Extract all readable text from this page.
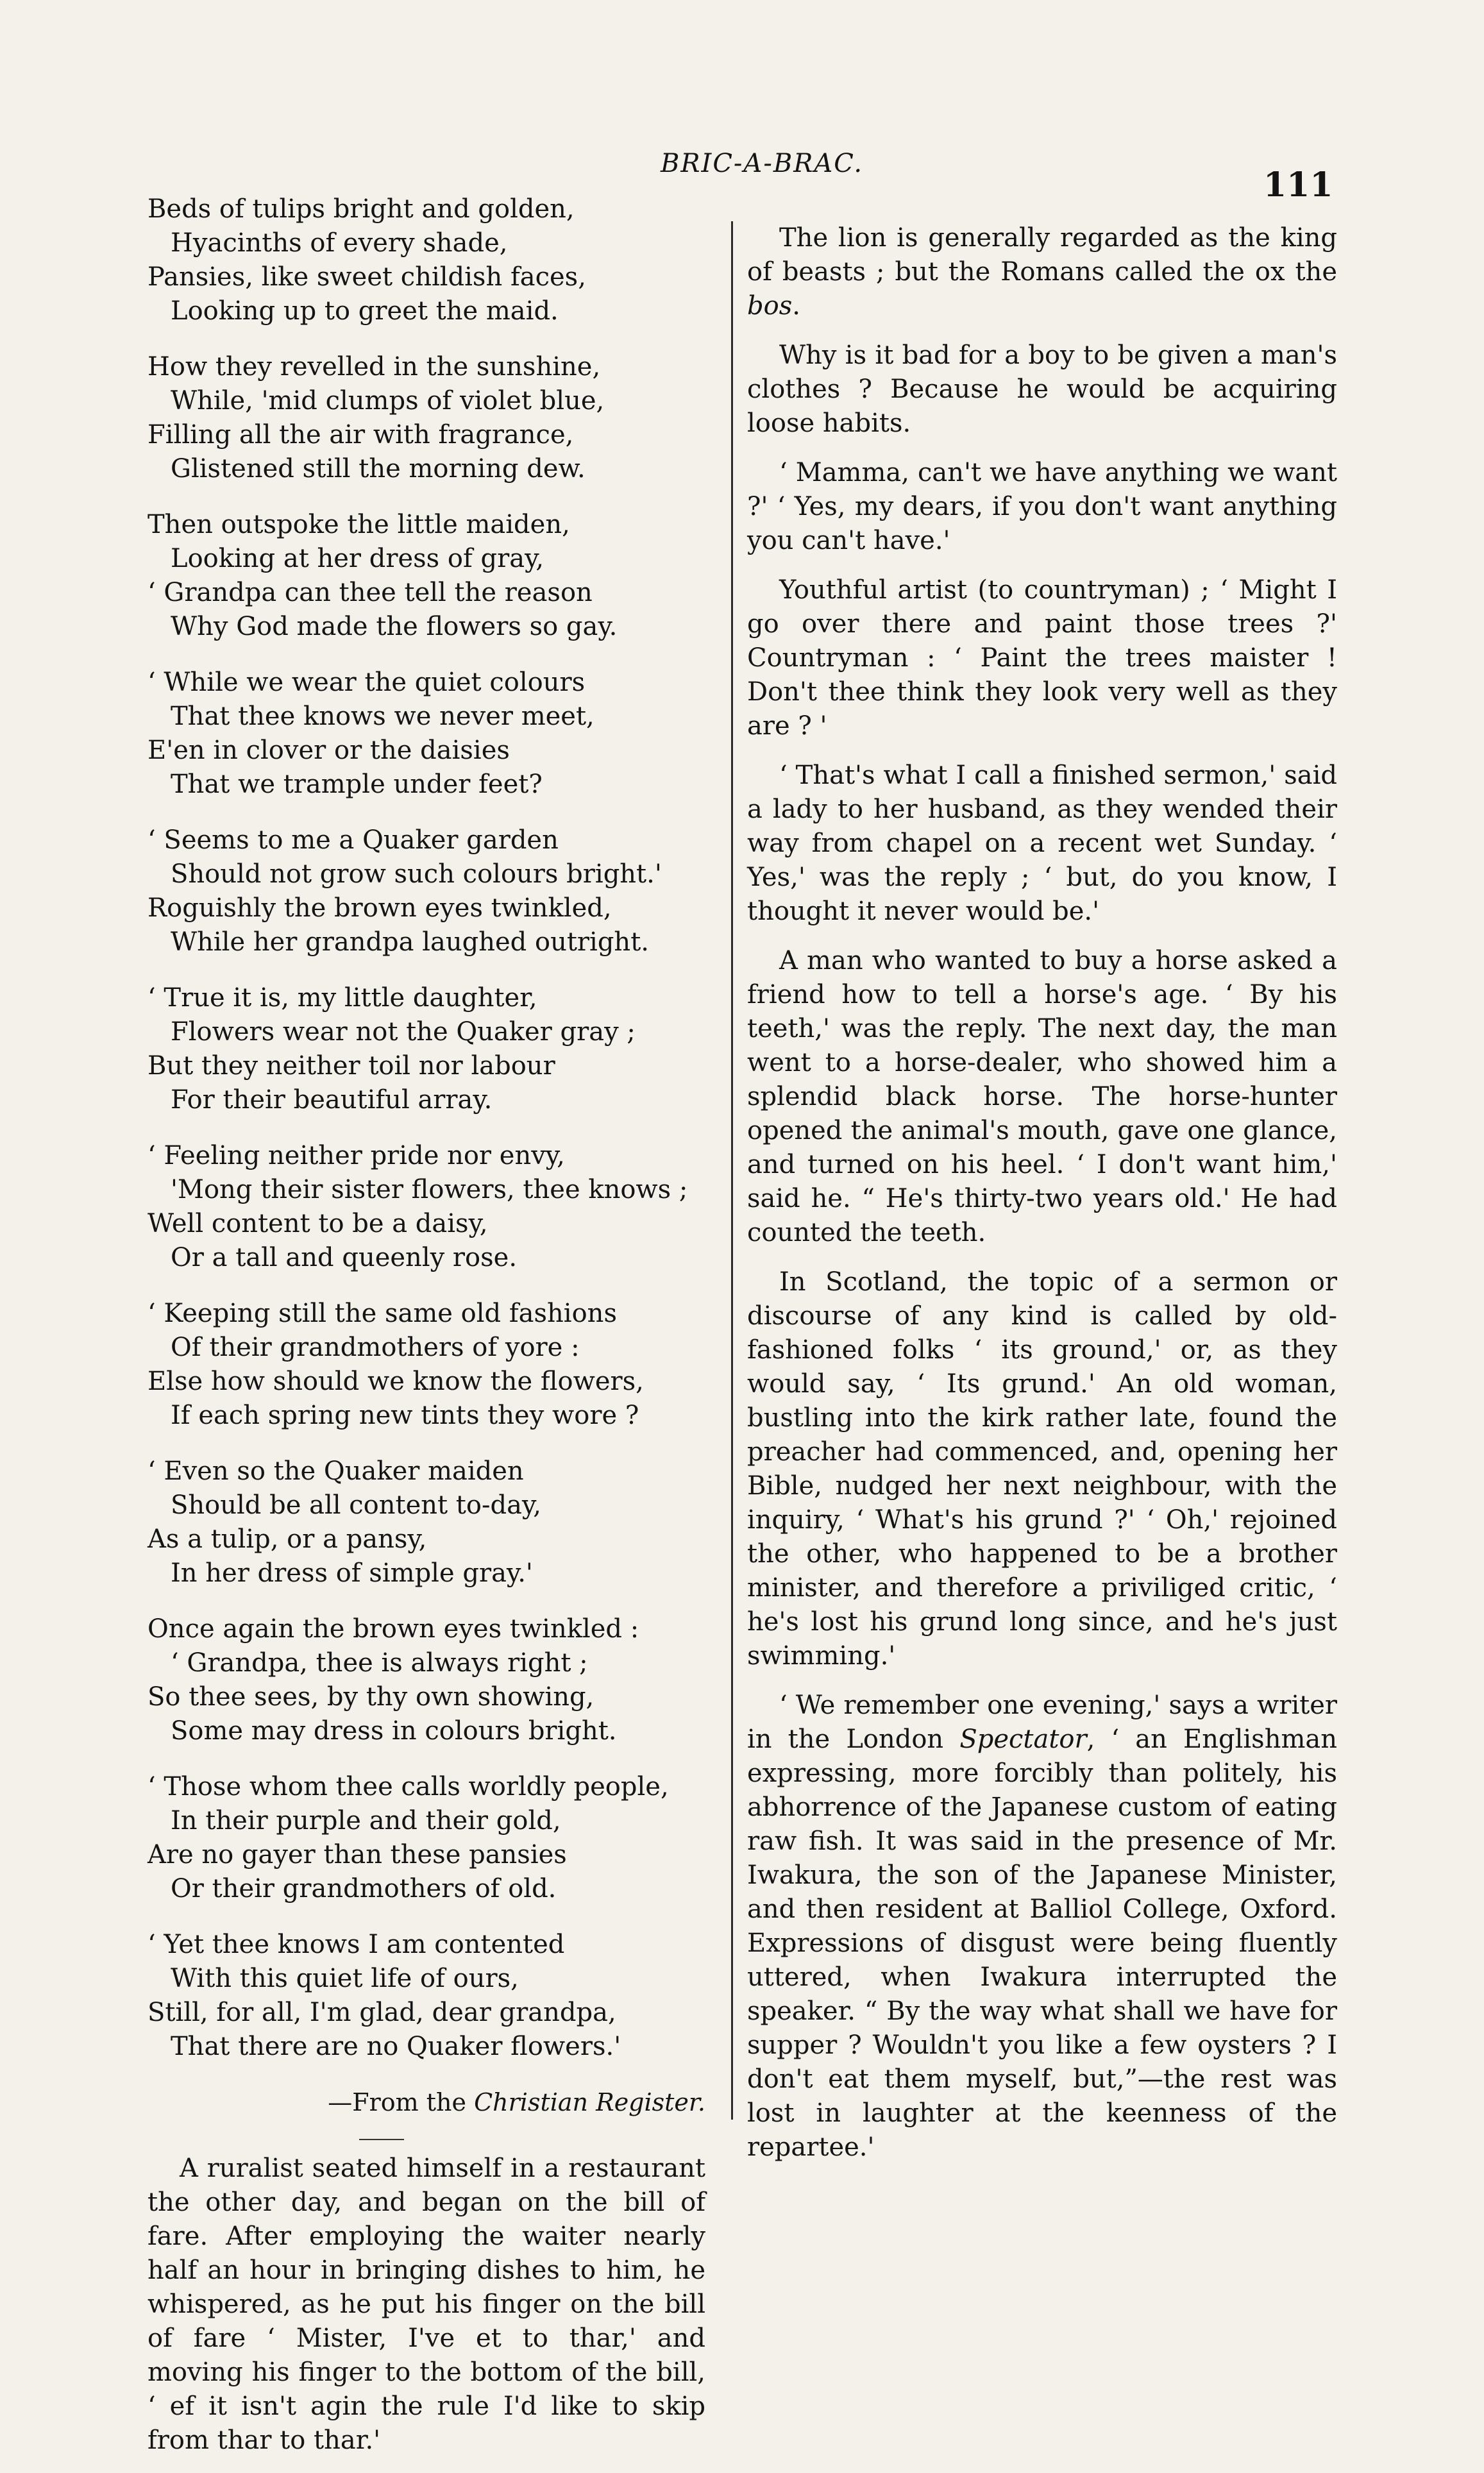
BRIC-A-BRAC.
111
Beds of tulips bright and golden,
Hyacinths of every shade,
Pansies, like sweet childish faces,
Looking up to greet the maid.
How they revelled in the sunshine,
While, 'mid clumps of violet blue,
Filling all the air with fragrance,
Glistened still the morning dew.
Then outspoke the little maiden,
Looking at her dress of gray,
‘ Grandpa can thee tell the reason
Why God made the flowers so gay.
‘ While we wear the quiet colours
That thee knows we never meet,
E'en in clover or the daisies
That we trample under feet?
‘ Seems to me a Quaker garden
Should not grow such colours bright.'
Roguishly the brown eyes twinkled,
While her grandpa laughed outright.
‘ True it is, my little daughter,
Flowers wear not the Quaker gray ;
But they neither toil nor labour
For their beautiful array.
‘ Feeling neither pride nor envy,
'Mong their sister flowers, thee knows ;
Well content to be a daisy,
Or a tall and queenly rose.
‘ Keeping still the same old fashions
Of their grandmothers of yore :
Else how should we know the flowers,
If each spring new tints they wore ?
‘ Even so the Quaker maiden
Should be all content to-day,
As a tulip, or a pansy,
In her dress of simple gray.'
Once again the brown eyes twinkled :
‘ Grandpa, thee is always right ;
So thee sees, by thy own showing,
Some may dress in colours bright.
‘ Those whom thee calls worldly people,
In their purple and their gold,
Are no gayer than these pansies
Or their grandmothers of old.
‘ Yet thee knows I am contented
With this quiet life of ours,
Still, for all, I'm glad, dear grandpa,
That there are no Quaker flowers.'
—From the Christian Register.

A ruralist seated himself in a restaurant the other day, and began on the bill of fare. After employing the waiter nearly half an hour in bringing dishes to him, he whispered, as he put his finger on the bill of fare ‘ Mister, I've et to thar,' and moving his finger to the bottom of the bill, ‘ ef it isn't agin the rule I'd like to skip from thar to thar.'

The lion is generally regarded as the king of beasts ; but the Romans called the ox the bos.

Why is it bad for a boy to be given a man's clothes ? Because he would be acquiring loose habits.

‘ Mamma, can't we have anything we want ?' ‘ Yes, my dears, if you don't want anything you can't have.'

Youthful artist (to countryman) ; ‘ Might I go over there and paint those trees ?' Countryman : ‘ Paint the trees maister ! Don't thee think they look very well as they are ? '

‘ That's what I call a finished sermon,' said a lady to her husband, as they wended their way from chapel on a recent wet Sunday. ‘ Yes,' was the reply ; ‘ but, do you know, I thought it never would be.'

A man who wanted to buy a horse asked a friend how to tell a horse's age. ‘ By his teeth,' was the reply. The next day, the man went to a horse-dealer, who showed him a splendid black horse. The horse-hunter opened the animal's mouth, gave one glance, and turned on his heel. ‘ I don't want him,' said he. “ He's thirty-two years old.' He had counted the teeth.

In Scotland, the topic of a sermon or discourse of any kind is called by old-fashioned folks ‘ its ground,' or, as they would say, ‘ Its grund.' An old woman, bustling into the kirk rather late, found the preacher had commenced, and, opening her Bible, nudged her next neighbour, with the inquiry, ‘ What's his grund ?' ‘ Oh,' rejoined the other, who happened to be a brother minister, and therefore a priviliged critic, ‘ he's lost his grund long since, and he's just swimming.'

‘ We remember one evening,' says a writer in the London Spectator, ‘ an Englishman expressing, more forcibly than politely, his abhorrence of the Japanese custom of eating raw fish. It was said in the presence of Mr. Iwakura, the son of the Japanese Minister, and then resident at Balliol College, Oxford. Expressions of disgust were being fluently uttered, when Iwakura interrupted the speaker. “ By the way what shall we have for supper ? Wouldn't you like a few oysters ? I don't eat them myself, but,”—the rest was lost in laughter at the keenness of the repartee.'
